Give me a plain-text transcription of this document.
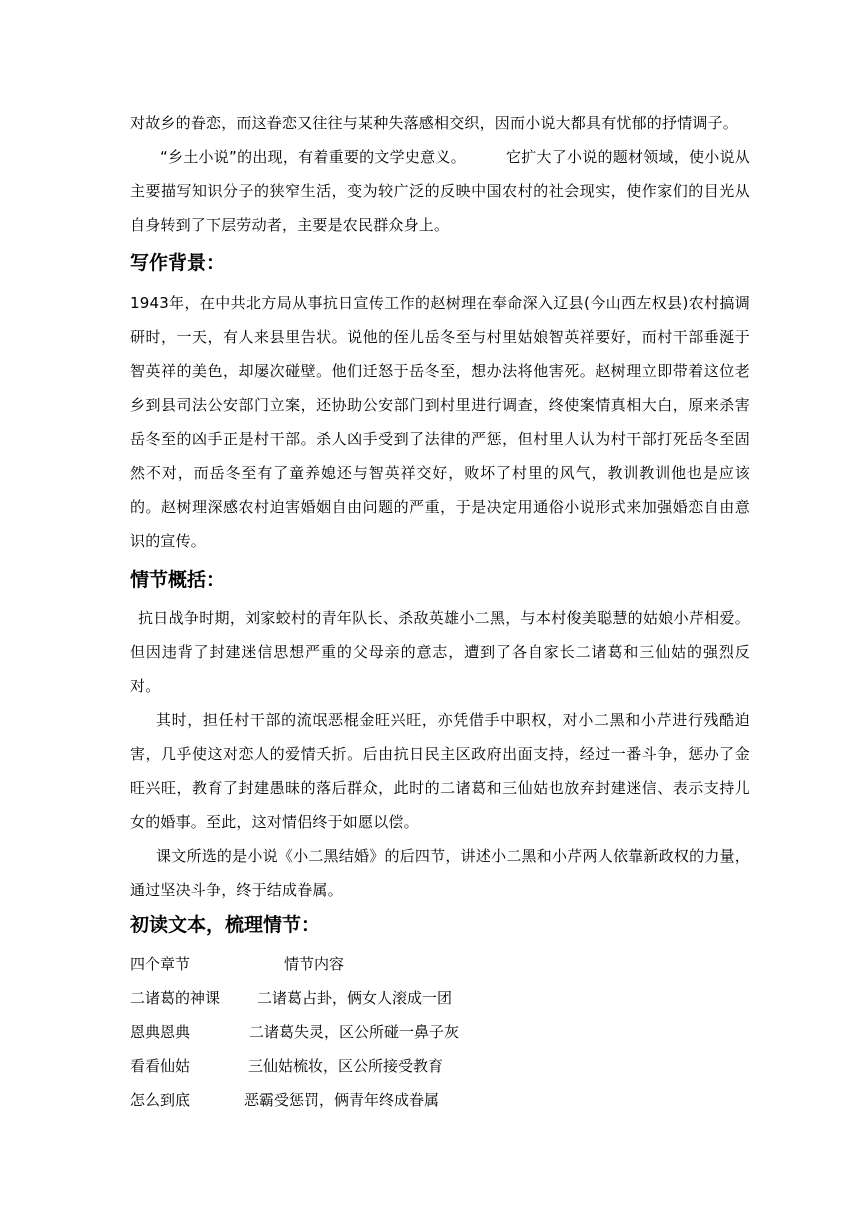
对故乡的眷恋，而这眷恋又往往与某种失落感相交织，因而小说大都具有忧郁的抒情调子。

“乡土小说”的出现，有着重要的文学史意义。	它扩大了小说的题材领域，使小说从主要描写知识分子的狭窄生活，变为较广泛的反映中国农村的社会现实，使作家们的目光从自身转到了下层劳动者，主要是农民群众身上。

写作背景：

1943年，在中共北方局从事抗日宣传工作的赵树理在奉命深入辽县(今山西左权县)农村搞调研时，一天，有人来县里告状。说他的侄儿岳冬至与村里姑娘智英祥要好，而村干部垂涎于智英祥的美色，却屡次碰壁。他们迁怒于岳冬至，想办法将他害死。赵树理立即带着这位老乡到县司法公安部门立案，还协助公安部门到村里进行调查，终使案情真相大白，原来杀害岳冬至的凶手正是村干部。杀人凶手受到了法律的严惩，但村里人认为村干部打死岳冬至固然不对，而岳冬至有了童养媳还与智英祥交好，败坏了村里的风气，教训教训他也是应该的。赵树理深感农村迫害婚姻自由问题的严重，于是决定用通俗小说形式来加强婚恋自由意识的宣传。

情节概括：

抗日战争时期，刘家蛟村的青年队长、杀敌英雄小二黑，与本村俊美聪慧的姑娘小芹相爱。但因违背了封建迷信思想严重的父母亲的意志，遭到了各自家长二诸葛和三仙姑的强烈反对。

其时，担任村干部的流氓恶棍金旺兴旺，亦凭借手中职权，对小二黑和小芹进行残酷迫害，几乎使这对恋人的爱情夭折。后由抗日民主区政府出面支持，经过一番斗争，惩办了金旺兴旺，教育了封建愚昧的落后群众，此时的二诸葛和三仙姑也放弃封建迷信、表示支持儿女的婚事。至此，这对情侣终于如愿以偿。

课文所选的是小说《小二黑结婚》的后四节，讲述小二黑和小芹两人依靠新政权的力量，通过坚决斗争，终于结成眷属。

初读文本，梳理情节：
四个章节	情节内容
二诸葛的神课 二诸葛占卦，俩女人滚成一团
恩典恩典	二诸葛失灵，区公所碰一鼻子灰
看看仙姑	三仙姑梳妆，区公所接受教育
怎么到底	恶霸受惩罚，俩青年终成眷属
